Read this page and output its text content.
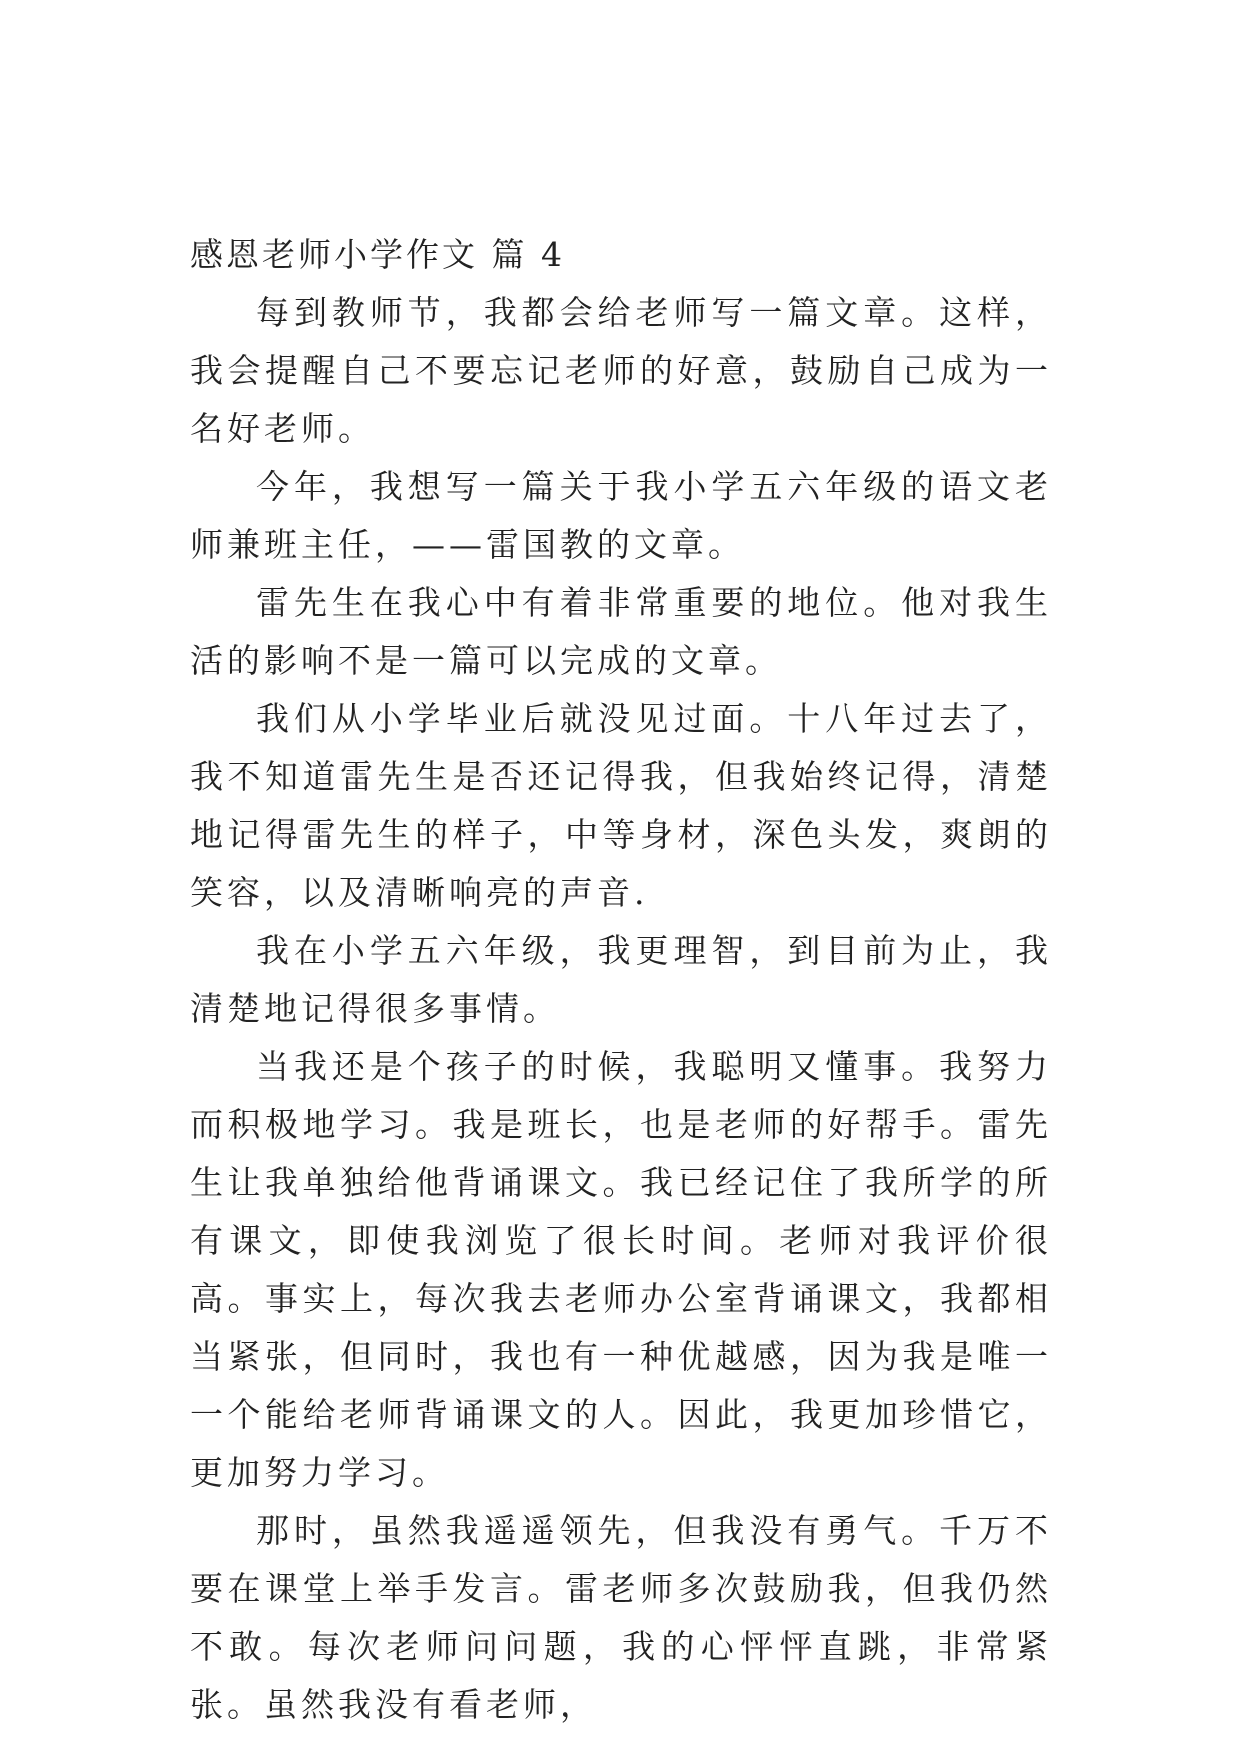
感恩老师小学作文 篇 4

每到教师节，我都会给老师写一篇文章。这样，我会提醒自己不要忘记老师的好意，鼓励自己成为一名好老师。

今年，我想写一篇关于我小学五六年级的语文老师兼班主任，——雷国教的文章。

雷先生在我心中有着非常重要的地位。他对我生活的影响不是一篇可以完成的文章。

我们从小学毕业后就没见过面。十八年过去了，我不知道雷先生是否还记得我，但我始终记得，清楚地记得雷先生的样子，中等身材，深色头发，爽朗的笑容，以及清晰响亮的声音.

我在小学五六年级，我更理智，到目前为止，我清楚地记得很多事情。

当我还是个孩子的时候，我聪明又懂事。我努力而积极地学习。我是班长，也是老师的好帮手。雷先生让我单独给他背诵课文。我已经记住了我所学的所有课文，即使我浏览了很长时间。老师对我评价很高。事实上，每次我去老师办公室背诵课文，我都相当紧张，但同时，我也有一种优越感，因为我是唯一一个能给老师背诵课文的人。因此，我更加珍惜它，更加努力学习。

那时，虽然我遥遥领先，但我没有勇气。千万不要在课堂上举手发言。雷老师多次鼓励我，但我仍然不敢。每次老师问问题，我的心怦怦直跳，非常紧张。虽然我没有看老师，
